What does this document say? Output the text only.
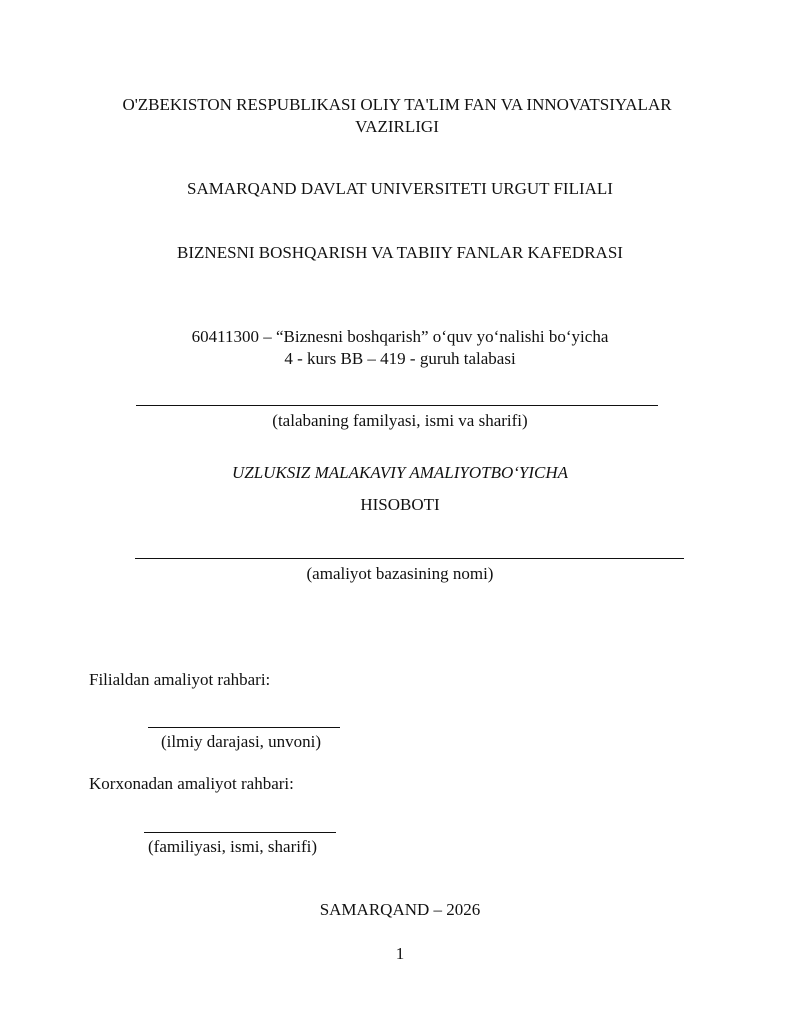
O'ZBEKISTON RESPUBLIKASI OLIY TA'LIM FAN VA INNOVATSIYALAR VAZIRLIGI
SAMARQAND DAVLAT UNIVERSITETI URGUT FILIALI
BIZNESNI BOSHQARISH VA TABIIY FANLAR KAFEDRASI
60411300 – “Biznesni boshqarish” o‘quv yo‘nalishi bo‘yicha
4 - kurs BB – 419 - guruh talabasi
(talabaning familyasi, ismi va sharifi)
UZLUKSIZ MALAKAVIY AMALIYOTBO‘YICHA
HISOBOTI
(amaliyot bazasining nomi)
Filialdan amaliyot rahbari:
(ilmiy darajasi, unvoni)
Korxonadan amaliyot rahbari:
(familiyasi, ismi, sharifi)
SAMARQAND – 2026
1
